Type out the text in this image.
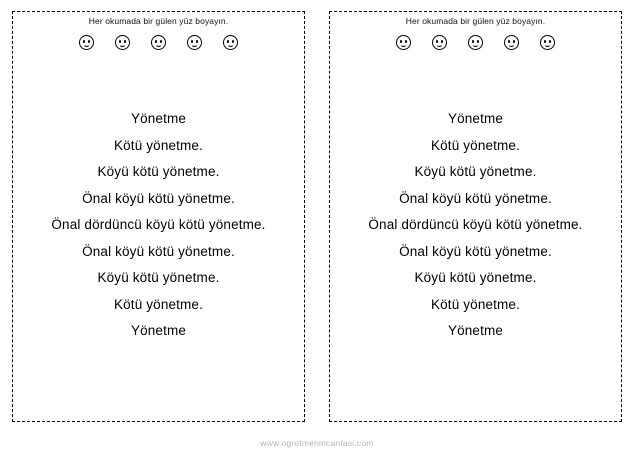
Her okumada bir gülen yüz boyayın.
Yönetme
Kötü yönetme.
Köyü kötü yönetme.
Önal köyü kötü yönetme.
Önal dördüncü köyü kötü yönetme.
Önal köyü kötü yönetme.
Köyü kötü yönetme.
Kötü yönetme.
Yönetme
Her okumada bir gülen yüz boyayın.
Yönetme
Kötü yönetme.
Köyü kötü yönetme.
Önal köyü kötü yönetme.
Önal dördüncü köyü kötü yönetme.
Önal köyü kötü yönetme.
Köyü kötü yönetme.
Kötü yönetme.
Yönetme
www.ogretmenincantasi.com
